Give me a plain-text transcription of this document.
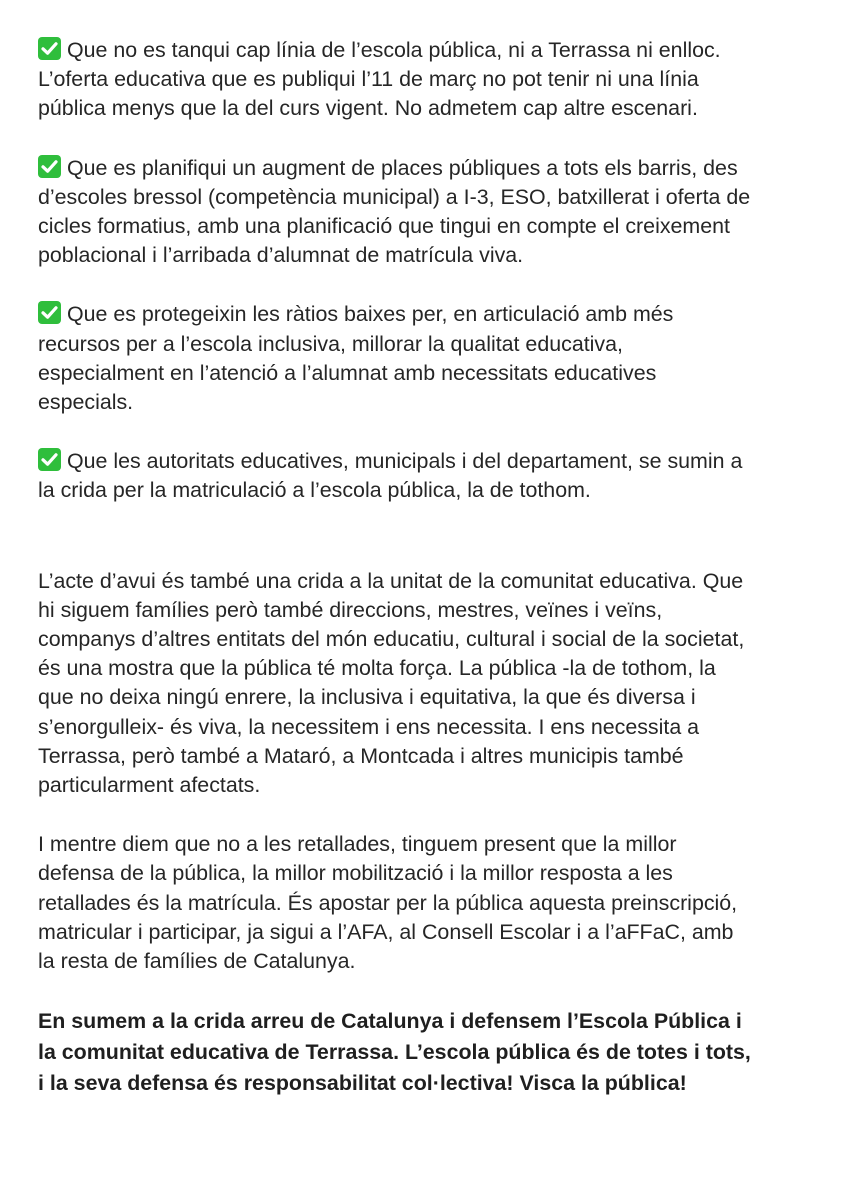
Que no es tanqui cap línia de l’escola pública, ni a Terrassa ni enlloc.
L’oferta educativa que es publiqui l’11 de març no pot tenir ni una línia
pública menys que la del curs vigent. No admetem cap altre escenari.
Que es planifiqui un augment de places públiques a tots els barris, des
d’escoles bressol (competència municipal) a I-3, ESO, batxillerat i oferta de
cicles formatius, amb una planificació que tingui en compte el creixement
poblacional i l’arribada d’alumnat de matrícula viva.
Que es protegeixin les ràtios baixes per, en articulació amb més
recursos per a l’escola inclusiva, millorar la qualitat educativa,
especialment en l’atenció a l’alumnat amb necessitats educatives
especials.
Que les autoritats educatives, municipals i del departament, se sumin a
la crida per la matriculació a l’escola pública, la de tothom.
L’acte d’avui és també una crida a la unitat de la comunitat educativa. Que
hi siguem famílies però també direccions, mestres, veïnes i veïns,
companys d’altres entitats del món educatiu, cultural i social de la societat,
és una mostra que la pública té molta força. La pública -la de tothom, la
que no deixa ningú enrere, la inclusiva i equitativa, la que és diversa i
s’enorgulleix- és viva, la necessitem i ens necessita. I ens necessita a
Terrassa, però també a Mataró, a Montcada i altres municipis també
particularment afectats.
I mentre diem que no a les retallades, tinguem present que la millor
defensa de la pública, la millor mobilització i la millor resposta a les
retallades és la matrícula. És apostar per la pública aquesta preinscripció,
matricular i participar, ja sigui a l’AFA, al Consell Escolar i a l’aFFaC, amb
la resta de famílies de Catalunya.
En sumem a la crida arreu de Catalunya i defensem l’Escola Pública i
la comunitat educativa de Terrassa. L’escola pública és de totes i tots,
i la seva defensa és responsabilitat col·lectiva! Visca la pública!
